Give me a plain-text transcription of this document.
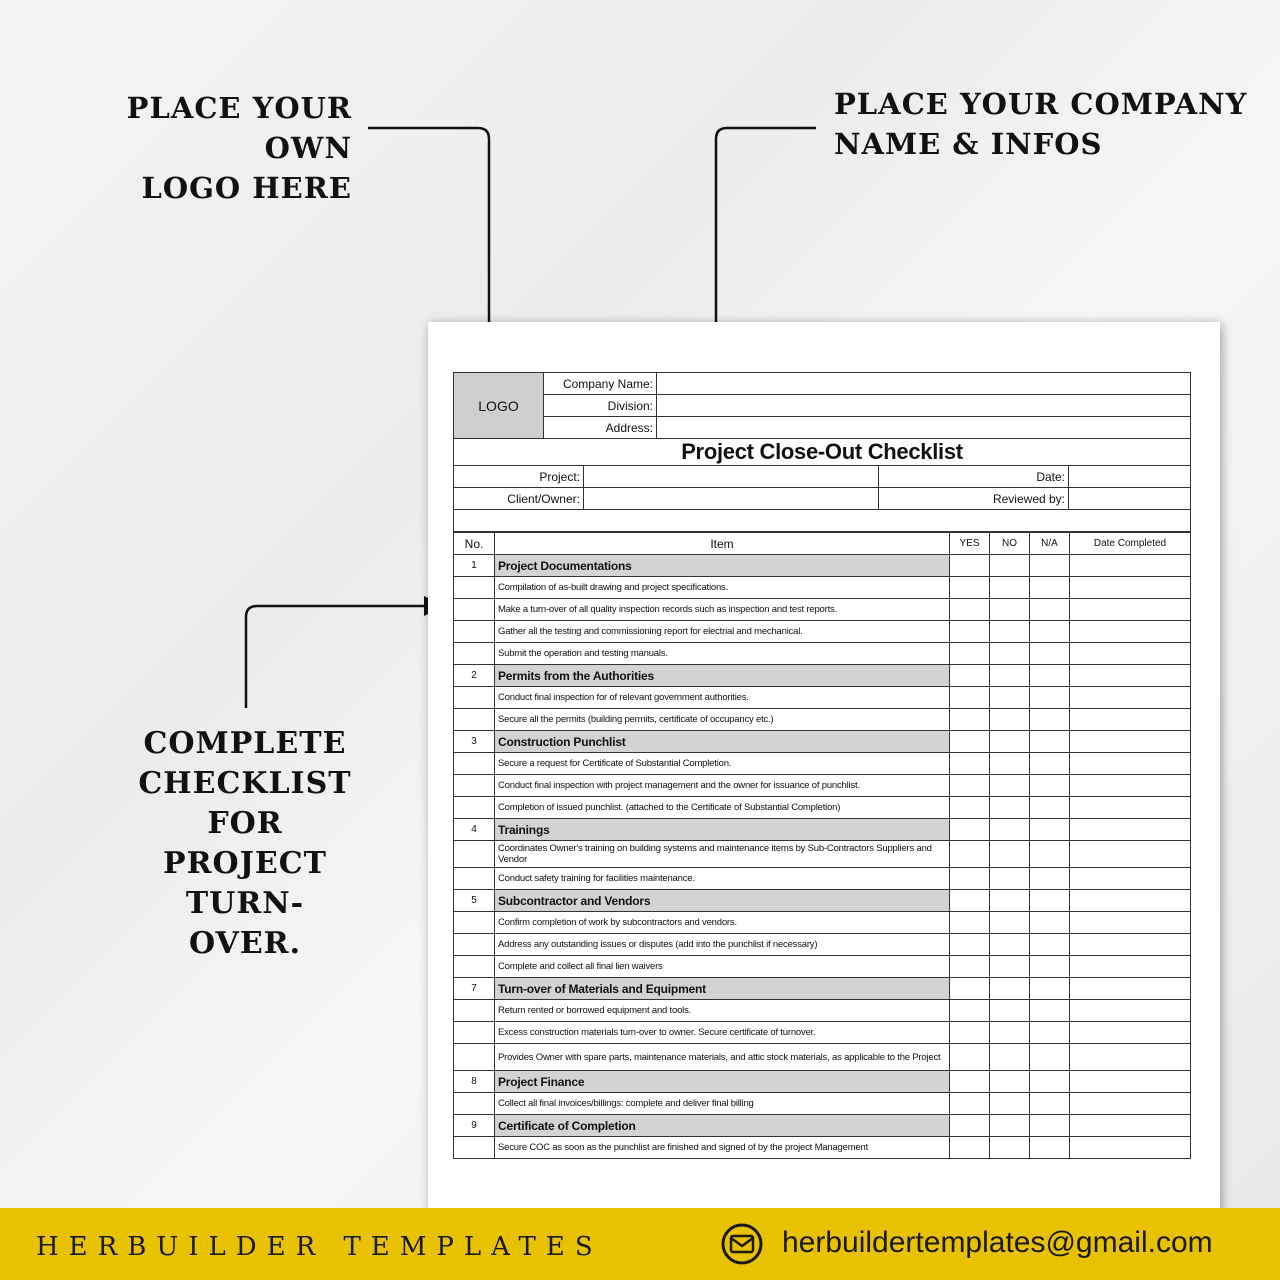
PLACE YOUR OWN
LOGO HERE
PLACE YOUR COMPANY
NAME & INFOS
COMPLETE
CHECKLIST FOR
PROJECT TURN-
OVER.
LOGO	Company Name:				
	Division:				
	Address:				
Project Close-Out Checklist					
Project:				Date:	
Client/Owner:				Reviewed by:	

No.	Item	YES	NO	N/A	Date Completed
1	Project Documentations				
	Compilation of as-built drawing and project specifications.				
	Make a turn-over of all quality inspection records such as inspection and test reports.				
	Gather all the testing and commissioning report for electrial and mechanical.				
	Submit the operation and testing manuals.				
2	Permits from the Authorities				
	Conduct final inspection for of relevant government authorities.				
	Secure all the permits (building permits, certificate of occupancy etc.)				
3	Construction Punchlist				
	Secure a request for Certificate of Substantial Completion.				
	Conduct final inspection with project management and the owner for issuance of punchlist.				
	Completion of issued punchlist. (attached to the Certificate of Substantial Completion)				
4	Trainings				
	Coordinates Owner's training on building systems and maintenance items by Sub-Contractors Suppliers and Vendor				
	Conduct safety training for facilities maintenance.				
5	Subcontractor and Vendors				
	Confirm completion of work by subcontractors and vendors.				
	Address any outstanding issues or disputes (add into the punchlist if necessary)				
	Complete and collect all final lien waivers				
7	Turn-over of Materials and Equipment				
	Return rented or borrowed equipment and tools.				
	Excess construction materials turn-over to owner. Secure certificate of turnover.				
	Provides Owner with spare parts, maintenance materials, and attic stock materials, as applicable to the Project				
8	Project Finance				
	Collect all final invoices/billings: complete and deliver final billing				
9	Certificate of Completion				
	Secure COC as soon as the punchlist are finished and signed of by the project Management				
HERBUILDER TEMPLATES	herbuildertemplates@gmail.com
